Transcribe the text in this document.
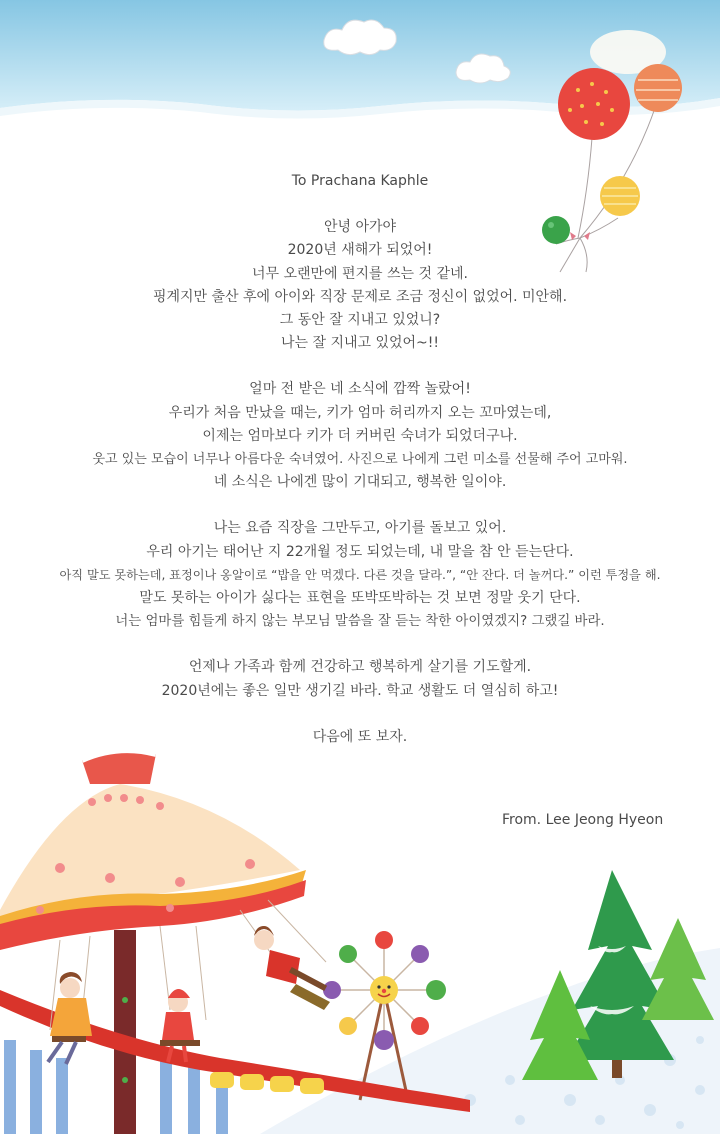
To Prachana Kaphle
안녕 아가야
2020년 새해가 되었어!
너무 오랜만에 편지를 쓰는 것 같네.
핑계지만 출산 후에 아이와 직장 문제로 조금 정신이 없었어. 미안해.
그 동안 잘 지내고 있었니?
나는 잘 지내고 있었어~!!
얼마 전 받은 네 소식에 깜짝 놀랐어!
우리가 처음 만났을 때는, 키가 엄마 허리까지 오는 꼬마였는데,
이제는 엄마보다 키가 더 커버린 숙녀가 되었더구나.
웃고 있는 모습이 너무나 아름다운 숙녀였어. 사진으로 나에게 그런 미소를 선물해 주어 고마워.
네 소식은 나에겐 많이 기대되고, 행복한 일이야.
나는 요즘 직장을 그만두고, 아기를 돌보고 있어.
우리 아기는 태어난 지 22개월 정도 되었는데, 내 말을 참 안 듣는단다.
아직 말도 못하는데, 표정이나 옹알이로 “밥을 안 먹겠다. 다른 것을 달라.”, “안 잔다. 더 놀꺼다.” 이런 투정을 해.
말도 못하는 아이가 싫다는 표현을 또박또박하는 것 보면 정말 웃기 단다.
너는 엄마를 힘들게 하지 않는 부모님 말씀을 잘 듣는 착한 아이였겠지? 그랬길 바라.
언제나 가족과 함께 건강하고 행복하게 살기를 기도할게.
2020년에는 좋은 일만 생기길 바라. 학교 생활도 더 열심히 하고!
다음에 또 보자.
From. Lee Jeong Hyeon
